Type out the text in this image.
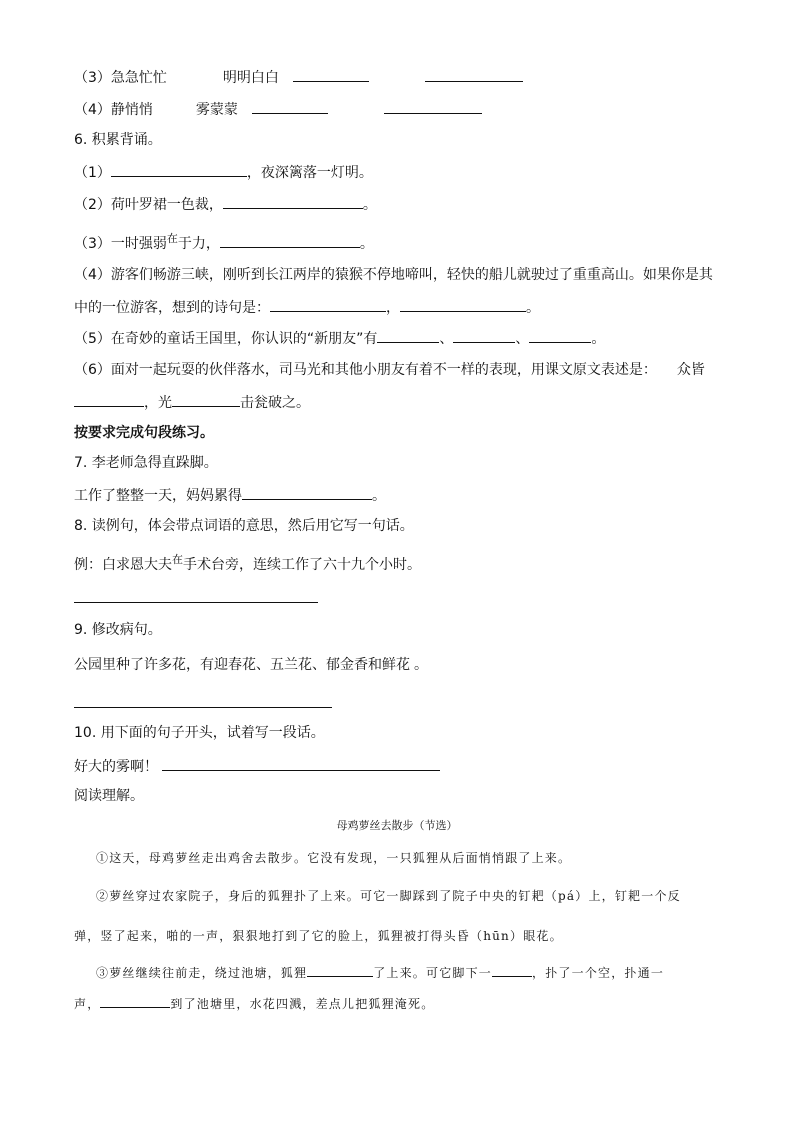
（3）急急忙忙	明明白白
（4）静悄悄	雾蒙蒙
6. 积累背诵。
（1）	，夜深篱落一灯明。
（2）荷叶罗裙一色裁，	。
（3）一时强弱$^在$于力，	。
（4）游客们畅游三峡，刚听到长江两岸的猿猴不停地啼叫，轻快的船儿就驶过了重重高山。如果你是其
中的一位游客，想到的诗句是：	，	。
（5）在奇妙的童话王国里，你认识的“新朋友”有	、	、	。
（6）面对一起玩耍的伙伴落水，司马光和其他小朋友有着不一样的表现，用课文原文表述是： 众皆
，光	击瓮破之。
按要求完成句段练习。
7. 李老师急得直跺脚。
工作了整整一天，妈妈累得	。
8. 读例句，体会带点词语的意思，然后用它写一句话。
例：白求恩大夫$^在$手术台旁，连续工作了六十九个小时。
9. 修改病句。
公园里种了许多花，有迎春花、五兰花、郁金香和鲜花 。
10. 用下面的句子开头，试着写一段话。
好大的雾啊！
阅读理解。
母鸡萝丝去散步（节选）
①这天，母鸡萝丝走出鸡舍去散步。它没有发现，一只狐狸从后面悄悄跟了上来。
②萝丝穿过农家院子，身后的狐狸扑了上来。可它一脚踩到了院子中央的钉耙（pá）上，钉耙一个反
弹，竖了起来，啪的一声，狠狠地打到了它的脸上，狐狸被打得头昏（hūn）眼花。
③萝丝继续往前走，绕过池塘，狐狸	了上来。可它脚下一	，扑了一个空，扑通一
声，	到了池塘里，水花四溅，差点儿把狐狸淹死。
